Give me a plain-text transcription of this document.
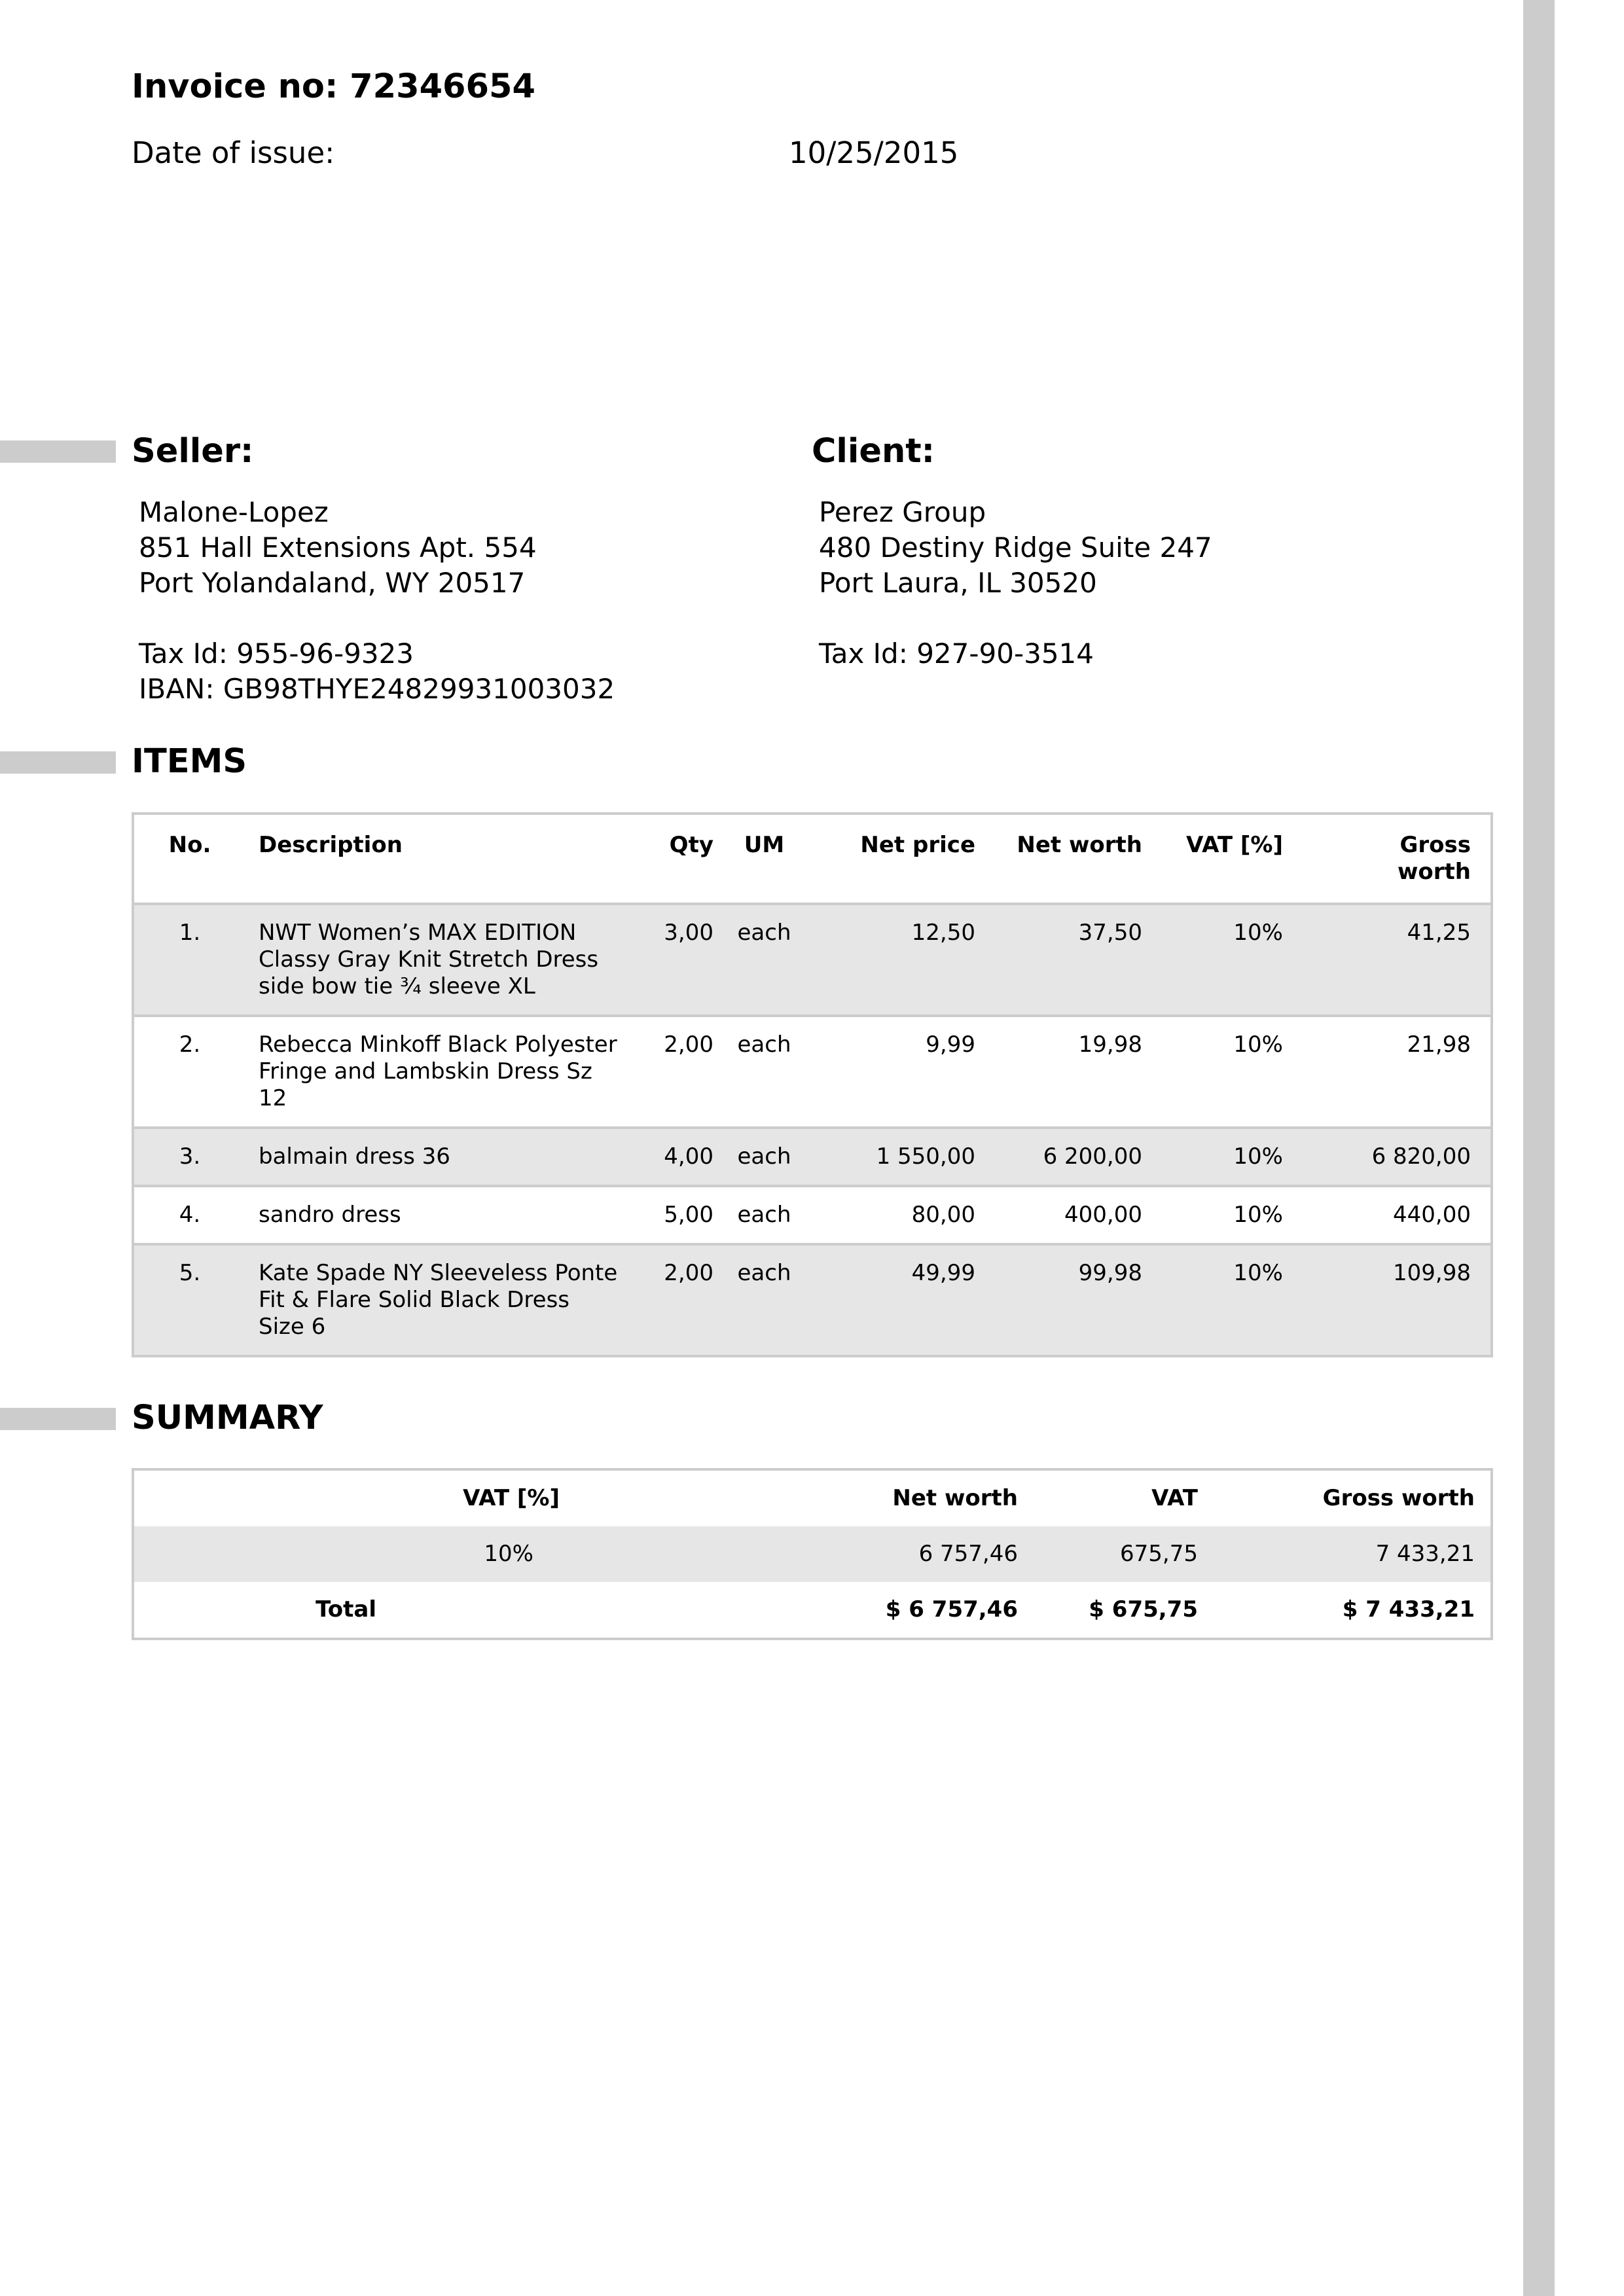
Invoice no: 72346654
Date of issue:	10/25/2015
Seller:	Client:
Malone-Lopez
851 Hall Extensions Apt. 554
Port Yolandaland, WY 20517
Tax Id: 955-96-9323
IBAN: GB98THYE24829931003032
Perez Group
480 Destiny Ridge Suite 247
Port Laura, IL 30520
Tax Id: 927-90-3514
ITEMS
No.	Description	Qty	UM	Net price	Net worth	VAT [%]	Gross
worth
1.	NWT Women’s MAX EDITION
Classy Gray Knit Stretch Dress
side bow tie ¾ sleeve XL	3,00	each	12,50	37,50	10%	41,25
2.	Rebecca Minkoff Black Polyester
Fringe and Lambskin Dress Sz
12	2,00	each	9,99	19,98	10%	21,98
3.	balmain dress 36	4,00	each	1 550,00	6 200,00	10%	6 820,00
4.	sandro dress	5,00	each	80,00	400,00	10%	440,00
5.	Kate Spade NY Sleeveless Ponte
Fit & Flare Solid Black Dress
Size 6	2,00	each	49,99	99,98	10%	109,98
SUMMARY
VAT [%]		Net worth	VAT	Gross worth
10%		6 757,46	675,75	7 433,21
Total		$ 6 757,46	$ 675,75	$ 7 433,21
